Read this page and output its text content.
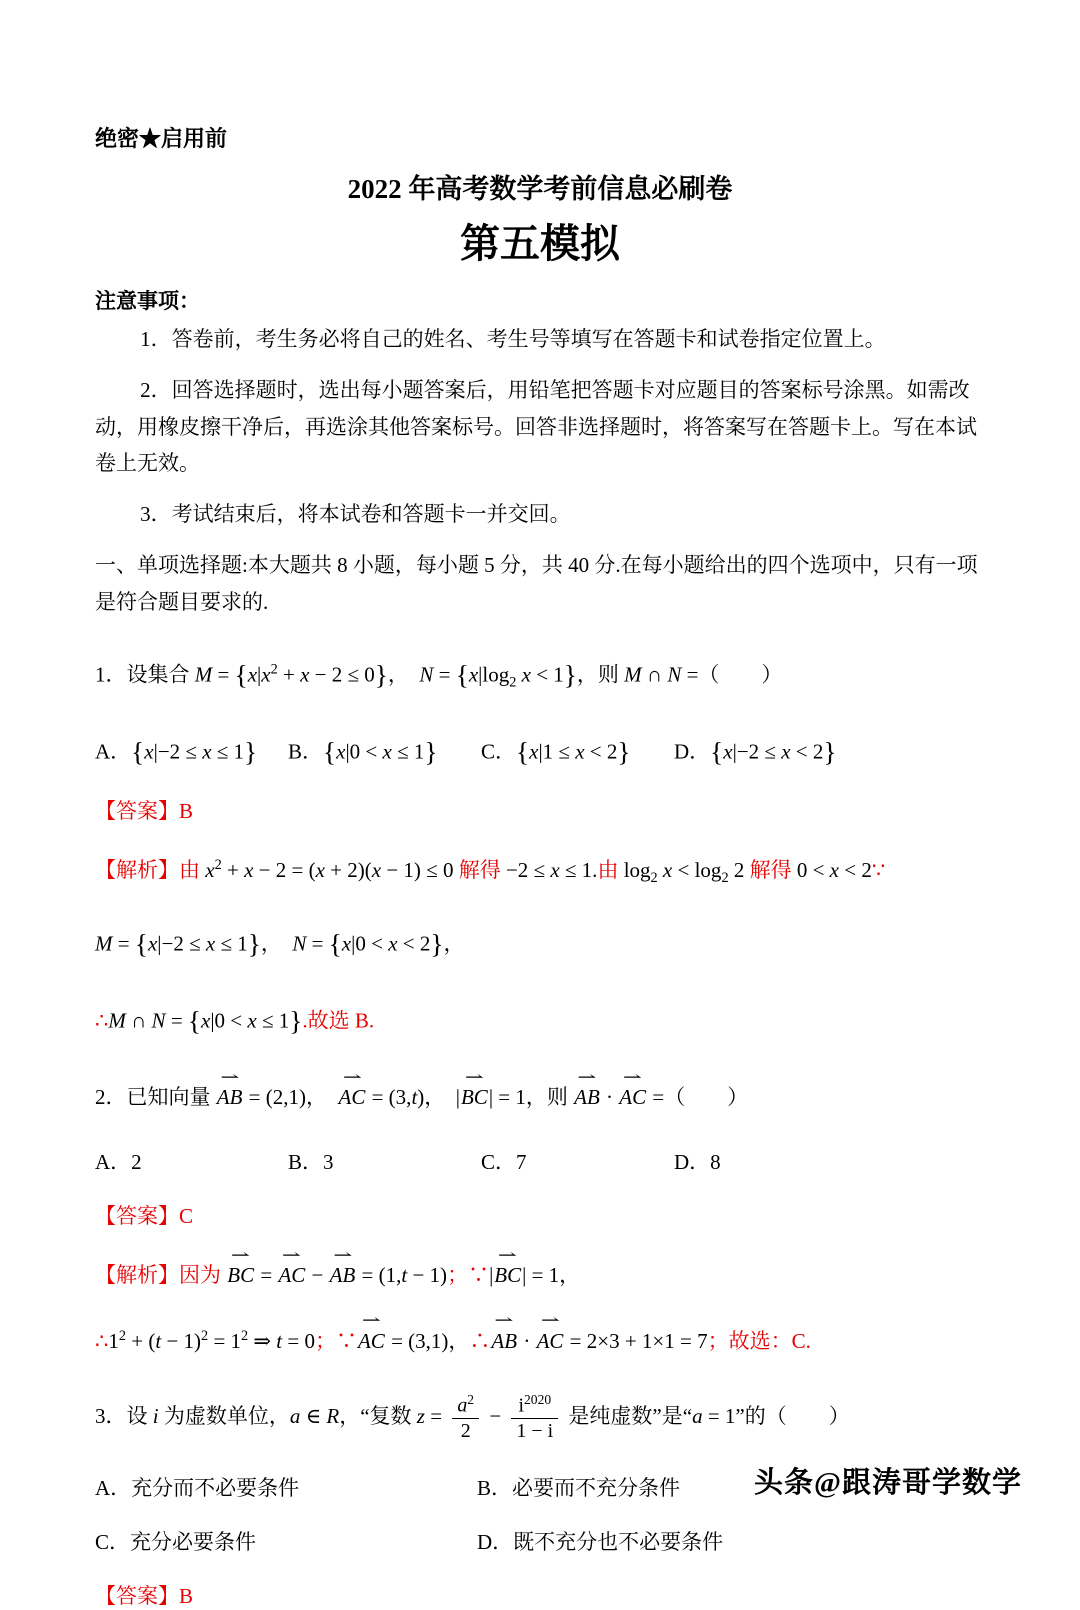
绝密★启用前
2022 年高考数学考前信息必刷卷
第五模拟
注意事项：

1．答卷前，考生务必将自己的姓名、考生号等填写在答题卡和试卷指定位置上。

2．回答选择题时，选出每小题答案后，用铅笔把答题卡对应题目的答案标号涂黑。如需改动，用橡皮擦干净后，再选涂其他答案标号。回答非选择题时，将答案写在答题卡上。写在本试卷上无效。

3．考试结束后，将本试卷和答题卡一并交回。

一、单项选择题:本大题共 8 小题，每小题 5 分，共 40 分.在每小题给出的四个选项中，只有一项是符合题目要求的.

1．设集合 $M = \{x|x^2 + x - 2 \le 0\}$，　$N = \{x|\log_2$ x < 1}，则 M ∩ N =（　　）
A．{x|−2 ≤ x ≤ 1}	B．{x|0 < x ≤ 1}	C．{x|1 ≤ x < 2}	D．{x|−2 ≤ x < 2}

【答案】B

【解析】由 $x^2 + x - 2 = (x + 2)(x - 1) \le 0$ 解得 −2 ≤ x ≤ 1.由 $\log_2 x < \log_2 2$ 解得 0 < x < 2∵
M = {x|−2 ≤ x ≤ 1}，　N = {x|0 < x < 2}，
∴M ∩ N = {x|0 < x ≤ 1}.故选 B.
2．已知向量 AB ⇀ = (2,1)，　AC ⇀ = (3,t)，　|BC ⇀| = 1，则 AB ⇀ · AC ⇀ =（　　）
A．2	B．3	C．7	D．8

【答案】C

【解析】因为 BC ⇀ = AC ⇀ − AB ⇀ = (1,t − 1)；∵|BC ⇀| = 1，
$\therefore 1^2 + (t - 1)^2 = 1^2$ ⇒ t = 0；∵AC ⇀ = (3,1)，∴AB ⇀ · AC ⇀ = 2×3 + 1×1 = 7；故选：C.
3．设 i 为虚数单位，a ∈ R，“复数 $z = \frac{a^2}{2} - \frac{i^{2020}}{1 - i}$ 是纯虚数”是“a = 1”的（　　）
A．充分而不必要条件	B．必要而不充分条件
C．充分必要条件	D．既不充分也不必要条件

【答案】B

头条@跟涛哥学数学
